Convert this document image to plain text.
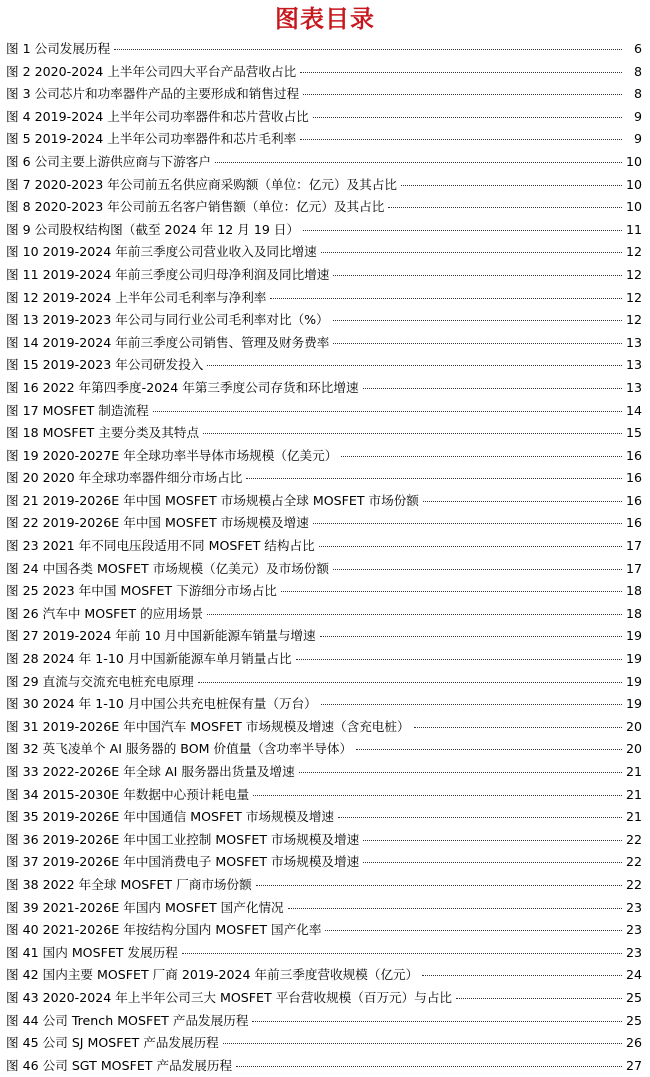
图表目录
图 1 公司发展历程	6
图 2 2020-2024 上半年公司四大平台产品营收占比	8
图 3 公司芯片和功率器件产品的主要形成和销售过程	8
图 4 2019-2024 上半年公司功率器件和芯片营收占比	9
图 5 2019-2024 上半年公司功率器件和芯片毛利率	9
图 6 公司主要上游供应商与下游客户	10
图 7 2020-2023 年公司前五名供应商采购额（单位：亿元）及其占比	10
图 8 2020-2023 年公司前五名客户销售额（单位：亿元）及其占比	10
图 9 公司股权结构图（截至 2024 年 12 月 19 日）	11
图 10 2019-2024 年前三季度公司营业收入及同比增速	12
图 11 2019-2024 年前三季度公司归母净利润及同比增速	12
图 12 2019-2024 上半年公司毛利率与净利率	12
图 13 2019-2023 年公司与同行业公司毛利率对比（%）	12
图 14 2019-2024 年前三季度公司销售、管理及财务费率	13
图 15 2019-2023 年公司研发投入	13
图 16 2022 年第四季度-2024 年第三季度公司存货和环比增速	13
图 17 MOSFET 制造流程	14
图 18 MOSFET 主要分类及其特点	15
图 19 2020-2027E 年全球功率半导体市场规模（亿美元）	16
图 20 2020 年全球功率器件细分市场占比	16
图 21 2019-2026E 年中国 MOSFET 市场规模占全球 MOSFET 市场份额	16
图 22 2019-2026E 年中国 MOSFET 市场规模及增速	16
图 23 2021 年不同电压段适用不同 MOSFET 结构占比	17
图 24 中国各类 MOSFET 市场规模（亿美元）及市场份额	17
图 25 2023 年中国 MOSFET 下游细分市场占比	18
图 26 汽车中 MOSFET 的应用场景	18
图 27 2019-2024 年前 10 月中国新能源车销量与增速	19
图 28 2024 年 1-10 月中国新能源车单月销量占比	19
图 29 直流与交流充电桩充电原理	19
图 30 2024 年 1-10 月中国公共充电桩保有量（万台）	19
图 31 2019-2026E 年中国汽车 MOSFET 市场规模及增速（含充电桩）	20
图 32 英飞凌单个 AI 服务器的 BOM 价值量（含功率半导体）	20
图 33 2022-2026E 年全球 AI 服务器出货量及增速	21
图 34 2015-2030E 年数据中心预计耗电量	21
图 35 2019-2026E 年中国通信 MOSFET 市场规模及增速	21
图 36 2019-2026E 年中国工业控制 MOSFET 市场规模及增速	22
图 37 2019-2026E 年中国消费电子 MOSFET 市场规模及增速	22
图 38 2022 年全球 MOSFET 厂商市场份额	22
图 39 2021-2026E 年国内 MOSFET 国产化情况	23
图 40 2021-2026E 年按结构分国内 MOSFET 国产化率	23
图 41 国内 MOSFET 发展历程	23
图 42 国内主要 MOSFET 厂商 2019-2024 年前三季度营收规模（亿元）	24
图 43 2020-2024 年上半年公司三大 MOSFET 平台营收规模（百万元）与占比	25
图 44 公司 Trench MOSFET 产品发展历程	25
图 45 公司 SJ MOSFET 产品发展历程	26
图 46 公司 SGT MOSFET 产品发展历程	27
